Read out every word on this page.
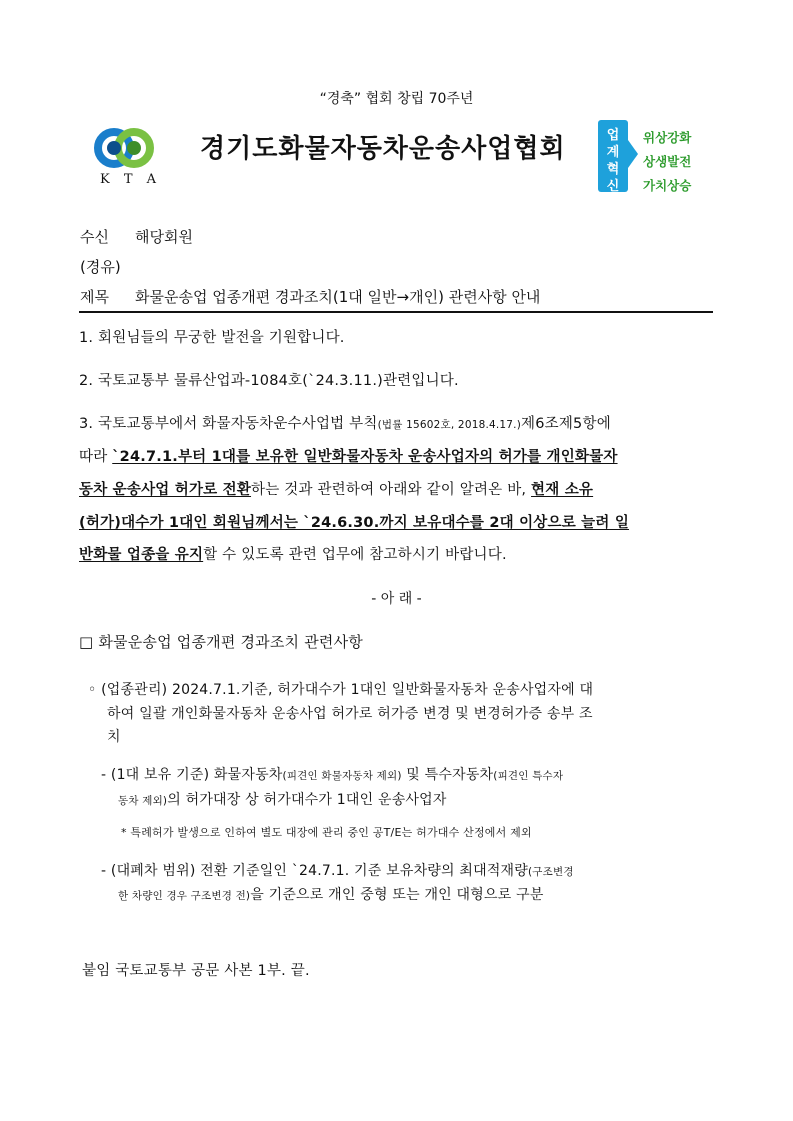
“경축” 협회 창립 70주년
K T A
경기도화물자동차운송사업협회	업
계
혁
신
위상강화
상생발전
가치상승
수신 해당회원
(경유)
제목 화물운송업 업종개편 경과조치(1대 일반→개인) 관련사항 안내
1. 회원님들의 무궁한 발전을 기원합니다.
2. 국토교통부 물류산업과-1084호(`24.3.11.)관련입니다.
3. 국토교통부에서 화물자동차운수사업법 부칙(법률 15602호, 2018.4.17.)제6조제5항에
따라 `24.7.1.부터 1대를 보유한 일반화물자동차 운송사업자의 허가를 개인화물자
동차 운송사업 허가로 전환하는 것과 관련하여 아래와 같이 알려온 바, 현재 소유
(허가)대수가 1대인 회원님께서는 `24.6.30.까지 보유대수를 2대 이상으로 늘려 일
반화물 업종을 유지할 수 있도록 관련 업무에 참고하시기 바랍니다.
- 아 래 -
□ 화물운송업 업종개편 경과조치 관련사항
◦ (업종관리) 2024.7.1.기준, 허가대수가 1대인 일반화물자동차 운송사업자에 대
하여 일괄 개인화물자동차 운송사업 허가로 허가증 변경 및 변경허가증 송부 조
치
- (1대 보유 기준) 화물자동차(피견인 화물자동차 제외) 및 특수자동차(피견인 특수자
동차 제외)의 허가대장 상 허가대수가 1대인 운송사업자
* 특례허가 발생으로 인하여 별도 대장에 관리 중인 공T/E는 허가대수 산정에서 제외
- (대폐차 범위) 전환 기준일인 `24.7.1. 기준 보유차량의 최대적재량(구조변경
한 차량인 경우 구조변경 전)을 기준으로 개인 중형 또는 개인 대형으로 구분
붙임 국토교통부 공문 사본 1부. 끝.
